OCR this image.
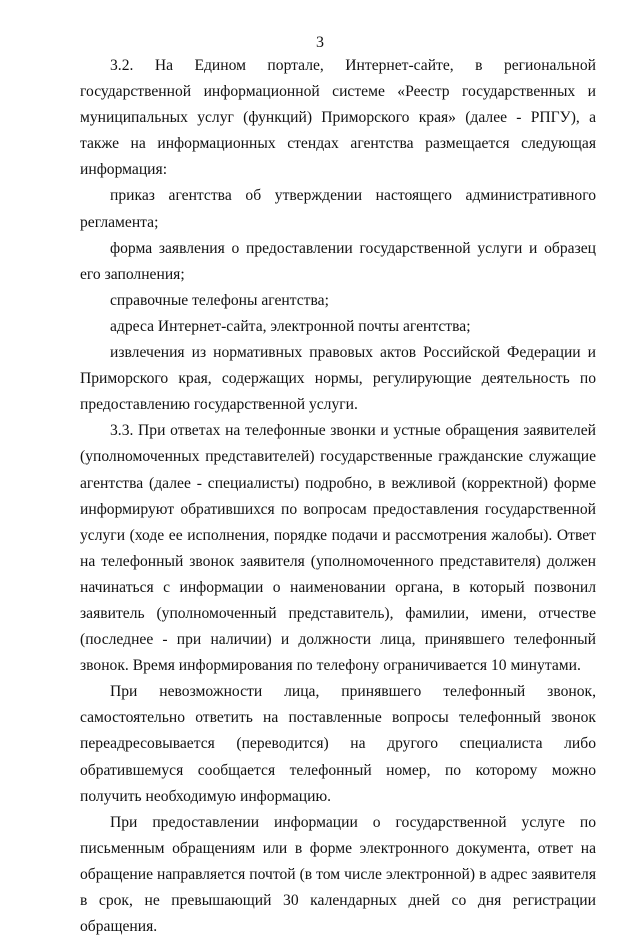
3

3.2. На Едином портале, Интернет-сайте, в региональной государственной информационной системе «Реестр государственных и муниципальных услуг (функций) Приморского края» (далее - РПГУ), а также на информационных стендах агентства размещается следующая информация:

приказ агентства об утверждении настоящего административного регламента;

форма заявления о предоставлении государственной услуги и образец его заполнения;

справочные телефоны агентства;

адреса Интернет-сайта, электронной почты агентства;

извлечения из нормативных правовых актов Российской Федерации и Приморского края, содержащих нормы, регулирующие деятельность по предоставлению государственной услуги.

3.3. При ответах на телефонные звонки и устные обращения заявителей (уполномоченных представителей) государственные гражданские служащие агентства (далее - специалисты) подробно, в вежливой (корректной) форме информируют обратившихся по вопросам предоставления государственной услуги (ходе ее исполнения, порядке подачи и рассмотрения жалобы). Ответ на телефонный звонок заявителя (уполномоченного представителя) должен начинаться с информации о наименовании органа, в который позвонил заявитель (уполномоченный представитель), фамилии, имени, отчестве (последнее - при наличии) и должности лица, принявшего телефонный звонок. Время информирования по телефону ограничивается 10 минутами.

При невозможности лица, принявшего телефонный звонок, самостоятельно ответить на поставленные вопросы телефонный звонок переадресовывается (переводится) на другого специалиста либо обратившемуся сообщается телефонный номер, по которому можно получить необходимую информацию.

При предоставлении информации о государственной услуге по письменным обращениям или в форме электронного документа, ответ на обращение направляется почтой (в том числе электронной) в адрес заявителя в срок, не превышающий 30 календарных дней со дня регистрации обращения.
